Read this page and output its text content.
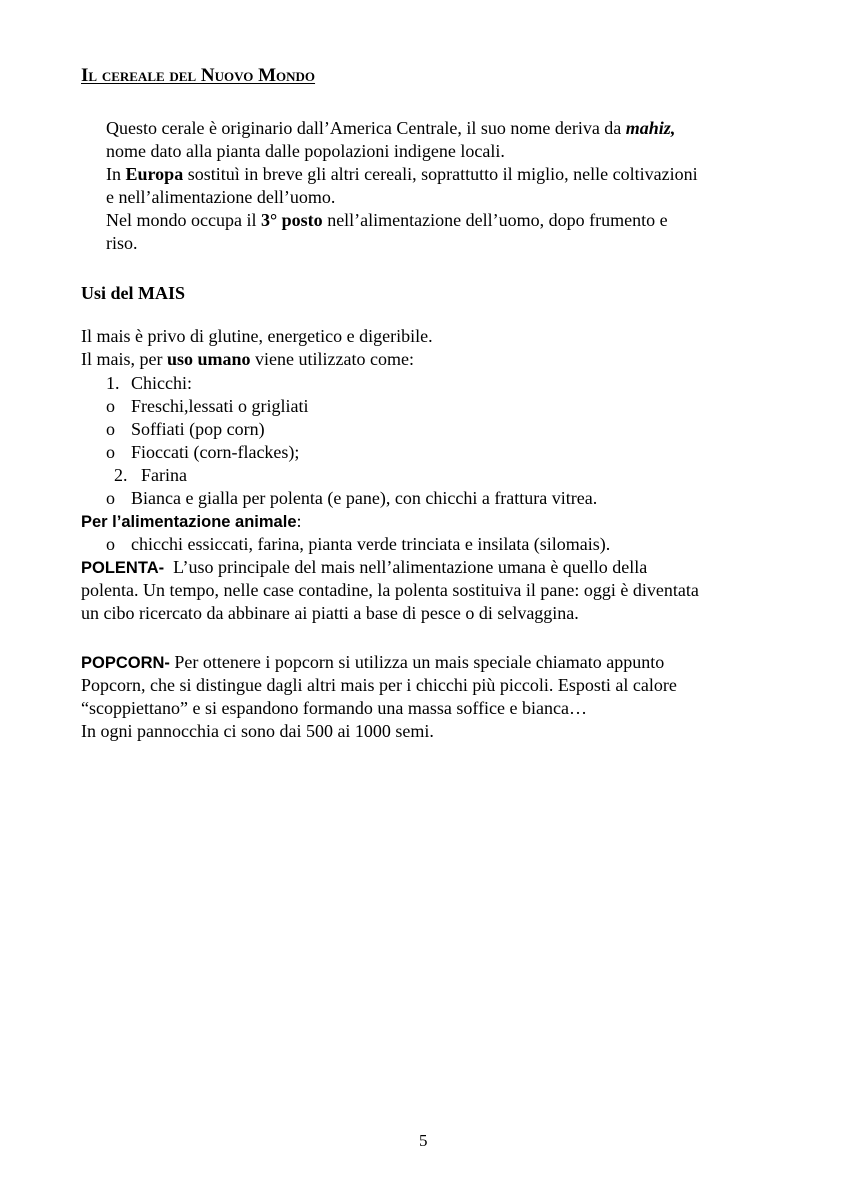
Il cereale del Nuovo Mondo
Questo cerale è originario dall’America Centrale, il suo nome deriva da mahiz,
nome dato alla pianta dalle popolazioni indigene locali.
In Europa sostituì in breve gli altri cereali, soprattutto il miglio, nelle coltivazioni
e nell’alimentazione dell’uomo.
Nel mondo occupa il 3° posto nell’alimentazione dell’uomo, dopo frumento e
riso.
Usi del MAIS
Il mais è privo di glutine, energetico e digeribile.
Il mais, per uso umano viene utilizzato come:
1. Chicchi:
o Freschi,lessati o grigliati
o Soffiati (pop corn)
o Fioccati (corn-flackes);
2. Farina
o Bianca e gialla per polenta (e pane), con chicchi a frattura vitrea.
Per l’alimentazione animale:
o chicchi essiccati, farina, pianta verde trinciata e insilata (silomais).
POLENTA-  L’uso principale del mais nell’alimentazione umana è quello della
polenta. Un tempo, nelle case contadine, la polenta sostituiva il pane: oggi è diventata
un cibo ricercato da abbinare ai piatti a base di pesce o di selvaggina.
POPCORN- Per ottenere i popcorn si utilizza un mais speciale chiamato appunto
Popcorn, che si distingue dagli altri mais per i chicchi più piccoli. Esposti al calore
“scoppiettano” e si espandono formando una massa soffice e bianca…
In ogni pannocchia ci sono dai 500 ai 1000 semi.
5
